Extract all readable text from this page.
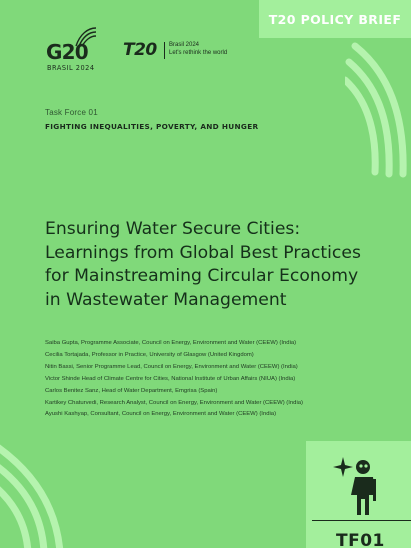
T20 POLICY BRIEF
G20
BRASIL 2024
T20 Brasil 2024
Let's rethink the world
Task Force 01
FIGHTING INEQUALITIES, POVERTY, AND HUNGER
Ensuring Water Secure Cities:
Learnings from Global Best Practices
for Mainstreaming Circular Economy
in Wastewater Management
Saiba Gupta, Programme Associate, Council on Energy, Environment and Water (CEEW) (India)
Cecilia Tortajada, Professor in Practice, University of Glasgow (United Kingdom)
Nitin Bassi, Senior Programme Lead, Council on Energy, Environment and Water (CEEW) (India)
Victor Shinde Head of Climate Centre for Cities, National Institute of Urban Affairs (NIUA) (India)
Carlos Benitez Sanz, Head of Water Department, Emgrisa (Spain)
Kartikey Chaturvedi, Research Analyst, Council on Energy, Environment and Water (CEEW) (India)
Ayushi Kashyap, Consultant, Council on Energy, Environment and Water (CEEW) (India)
TF01
